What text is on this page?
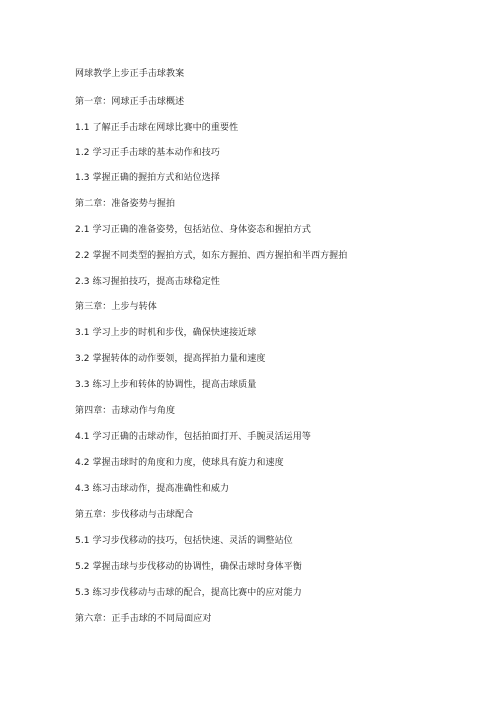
网球教学上步正手击球教案
第一章：网球正手击球概述
1.1 了解正手击球在网球比赛中的重要性
1.2 学习正手击球的基本动作和技巧
1.3 掌握正确的握拍方式和站位选择
第二章：准备姿势与握拍
2.1 学习正确的准备姿势，包括站位、身体姿态和握拍方式
2.2 掌握不同类型的握拍方式，如东方握拍、西方握拍和半西方握拍
2.3 练习握拍技巧，提高击球稳定性
第三章：上步与转体
3.1 学习上步的时机和步伐，确保快速接近球
3.2 掌握转体的动作要领，提高挥拍力量和速度
3.3 练习上步和转体的协调性，提高击球质量
第四章：击球动作与角度
4.1 学习正确的击球动作，包括拍面打开、手腕灵活运用等
4.2 掌握击球时的角度和力度，使球具有旋力和速度
4.3 练习击球动作，提高准确性和威力
第五章：步伐移动与击球配合
5.1 学习步伐移动的技巧，包括快速、灵活的调整站位
5.2 掌握击球与步伐移动的协调性，确保击球时身体平衡
5.3 练习步伐移动与击球的配合，提高比赛中的应对能力
第六章：正手击球的不同局面应对
